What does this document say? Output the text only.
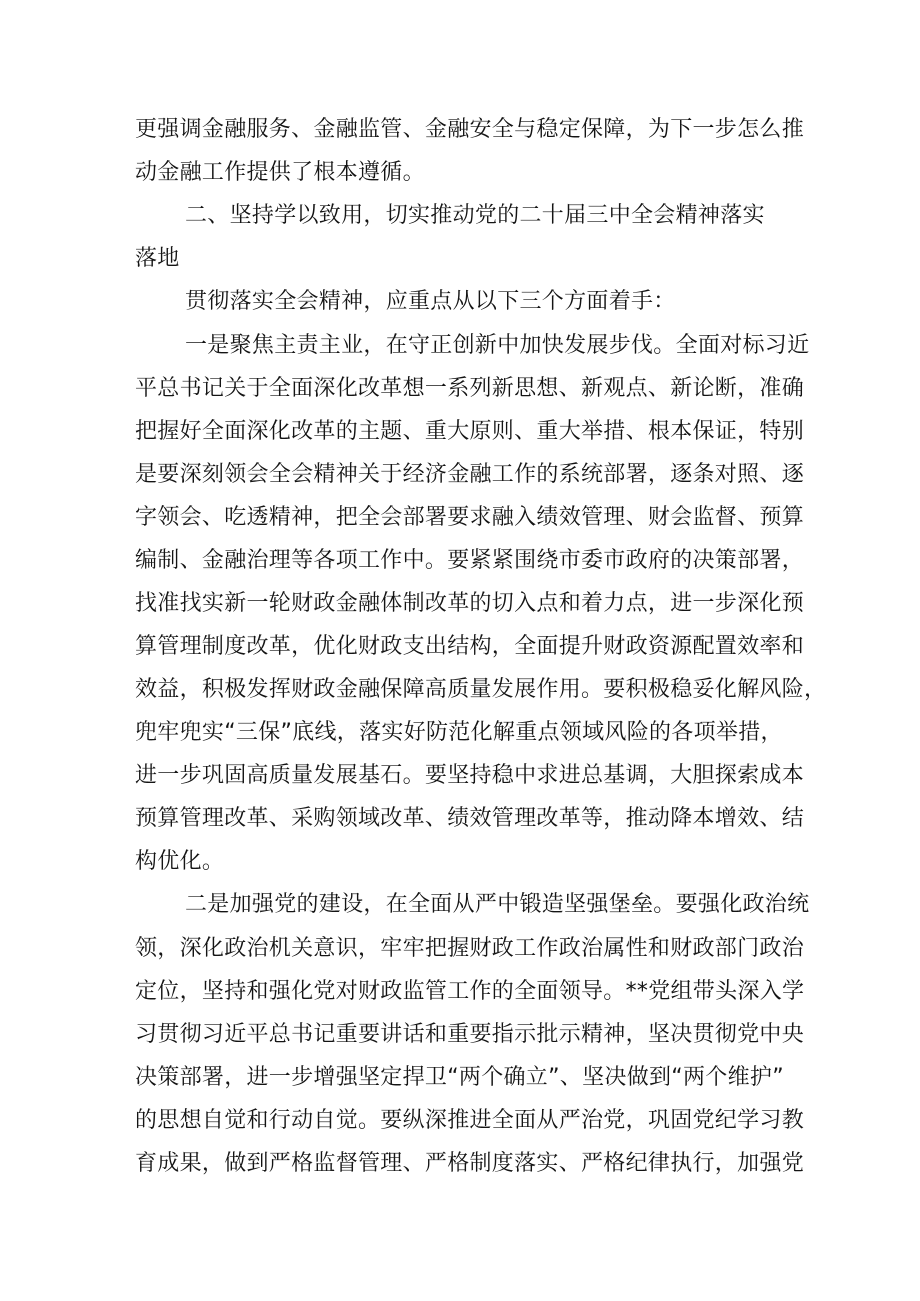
更强调金融服务、金融监管、金融安全与稳定保障，为下一步怎么推
动金融工作提供了根本遵循。
二、坚持学以致用，切实推动党的二十届三中全会精神落实
落地
贯彻落实全会精神，应重点从以下三个方面着手：
一是聚焦主责主业，在守正创新中加快发展步伐。全面对标习近
平总书记关于全面深化改革想一系列新思想、新观点、新论断，准确
把握好全面深化改革的主题、重大原则、重大举措、根本保证，特别
是要深刻领会全会精神关于经济金融工作的系统部署，逐条对照、逐
字领会、吃透精神，把全会部署要求融入绩效管理、财会监督、预算
编制、金融治理等各项工作中。要紧紧围绕市委市政府的决策部署，
找准找实新一轮财政金融体制改革的切入点和着力点，进一步深化预
算管理制度改革，优化财政支出结构，全面提升财政资源配置效率和
效益，积极发挥财政金融保障高质量发展作用。要积极稳妥化解风险，
兜牢兜实“三保”底线，落实好防范化解重点领域风险的各项举措，
进一步巩固高质量发展基石。要坚持稳中求进总基调，大胆探索成本
预算管理改革、采购领域改革、绩效管理改革等，推动降本增效、结
构优化。
二是加强党的建设，在全面从严中锻造坚强堡垒。要强化政治统
领，深化政治机关意识，牢牢把握财政工作政治属性和财政部门政治
定位，坚持和强化党对财政监管工作的全面领导。**党组带头深入学
习贯彻习近平总书记重要讲话和重要指示批示精神，坚决贯彻党中央
决策部署，进一步增强坚定捍卫“两个确立”、坚决做到“两个维护”
的思想自觉和行动自觉。要纵深推进全面从严治党，巩固党纪学习教
育成果，做到严格监督管理、严格制度落实、严格纪律执行，加强党
